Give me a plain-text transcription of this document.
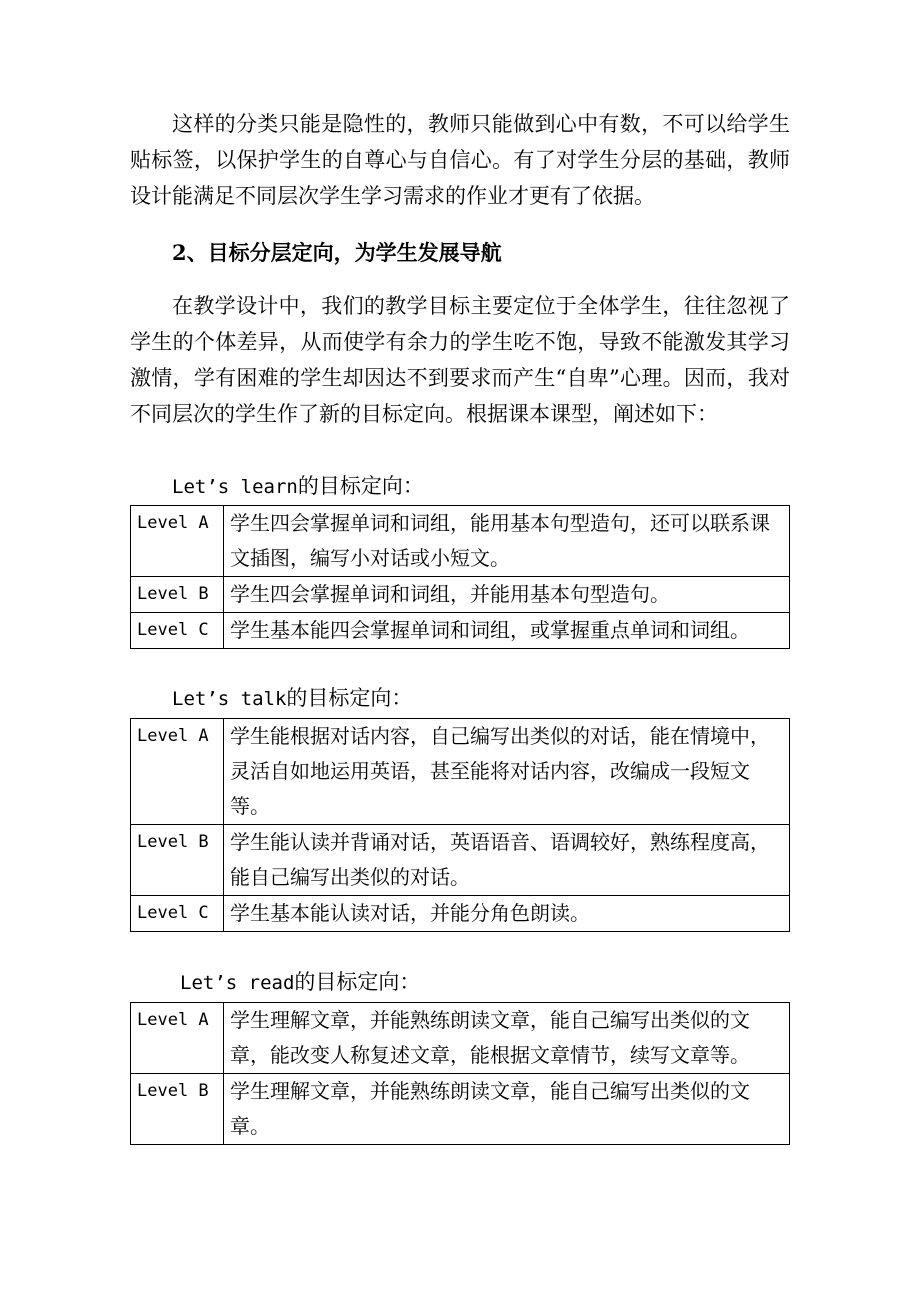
这样的分类只能是隐性的，教师只能做到心中有数，不可以给学生贴标签，以保护学生的自尊心与自信心。有了对学生分层的基础，教师设计能满足不同层次学生学习需求的作业才更有了依据。

2、目标分层定向，为学生发展导航

在教学设计中，我们的教学目标主要定位于全体学生，往往忽视了学生的个体差异，从而使学有余力的学生吃不饱，导致不能激发其学习激情，学有困难的学生却因达不到要求而产生“自卑”心理。因而，我对不同层次的学生作了新的目标定向。根据课本课型，阐述如下：

Let’s learn的目标定向：

Level A	学生四会掌握单词和词组，能用基本句型造句，还可以联系课文插图，编写小对话或小短文。
Level B	学生四会掌握单词和词组，并能用基本句型造句。
Level C	学生基本能四会掌握单词和词组，或掌握重点单词和词组。

Let’s talk的目标定向：

Level A	学生能根据对话内容，自己编写出类似的对话，能在情境中，灵活自如地运用英语，甚至能将对话内容，改编成一段短文等。
Level B	学生能认读并背诵对话，英语语音、语调较好，熟练程度高，能自己编写出类似的对话。
Level C	学生基本能认读对话，并能分角色朗读。

Let’s read的目标定向：

Level A	学生理解文章，并能熟练朗读文章，能自己编写出类似的文章，能改变人称复述文章，能根据文章情节，续写文章等。
Level B	学生理解文章，并能熟练朗读文章，能自己编写出类似的文章。
